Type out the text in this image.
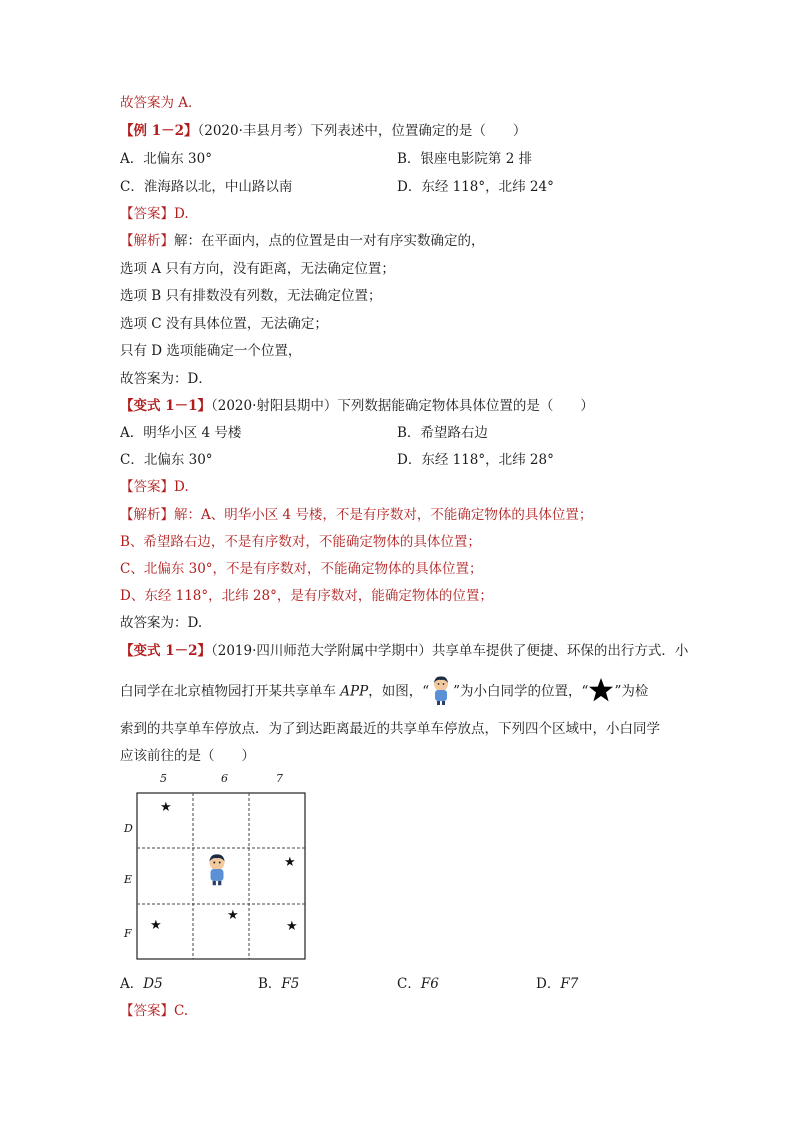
故答案为 A．
【例 1－2】（2020·丰县月考）下列表述中，位置确定的是（　　）
A．北偏东 30°	B．银座电影院第 2 排
C．淮海路以北，中山路以南	D．东经 118°，北纬 24°
【答案】D.
【解析】解：在平面内，点的位置是由一对有序实数确定的，
选项 A 只有方向，没有距离，无法确定位置；
选项 B 只有排数没有列数，无法确定位置；
选项 C 没有具体位置，无法确定；
只有 D 选项能确定一个位置，
故答案为：D．
【变式 1－1】（2020·射阳县期中）下列数据能确定物体具体位置的是（　　）
A．明华小区 4 号楼	B．希望路右边
C．北偏东 30°	D．东经 118°，北纬 28°
【答案】D.
【解析】解：A、明华小区 4 号楼，不是有序数对，不能确定物体的具体位置；
B、希望路右边，不是有序数对，不能确定物体的具体位置；
C、北偏东 30°，不是有序数对，不能确定物体的具体位置；
D、东经 118°，北纬 28°，是有序数对，能确定物体的位置；
故答案为：D.
【变式 1－2】（2019·四川师范大学附属中学期中）共享单车提供了便捷、环保的出行方式．小
白同学在北京植物园打开某共享单车 APP，如图，“ ”为小白同学的位置，“ ”为检
索到的共享单车停放点．为了到达距离最近的共享单车停放点，下列四个区域中，小白同学
应该前往的是（　　）
5	6	7
D
E
F
★
★
★
★	★
A．D5	B．F5	C．F6	D．F7
【答案】C.
